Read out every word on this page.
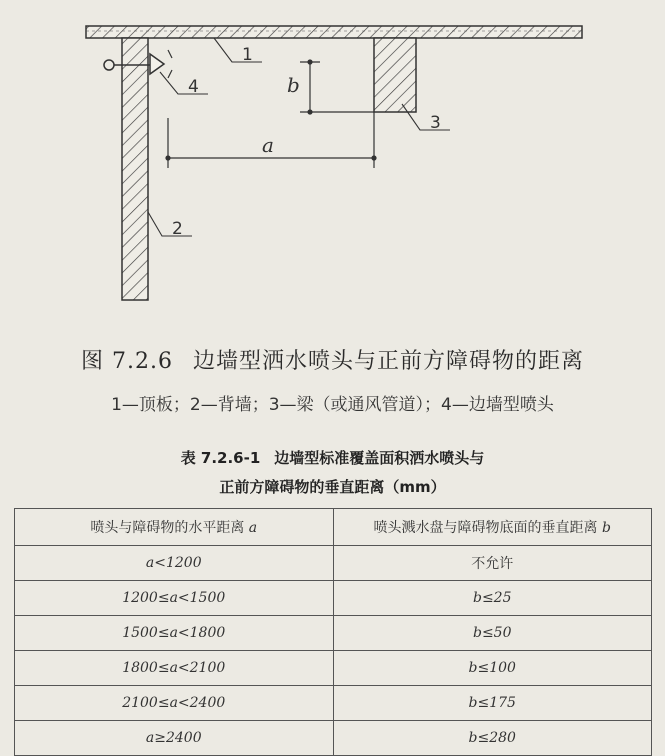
1
4
3
2
b
a
图 7.2.6 边墙型洒水喷头与正前方障碍物的距离
1—顶板；2—背墙；3—梁（或通风管道）；4—边墙型喷头
表 7.2.6-1 边墙型标准覆盖面积洒水喷头与
正前方障碍物的垂直距离（mm）
喷头与障碍物的水平距离 a	喷头溅水盘与障碍物底面的垂直距离 b
a<1200	不允许
1200≤a<1500	b≤25
1500≤a<1800	b≤50
1800≤a<2100	b≤100
2100≤a<2400	b≤175
a≥2400	b≤280
